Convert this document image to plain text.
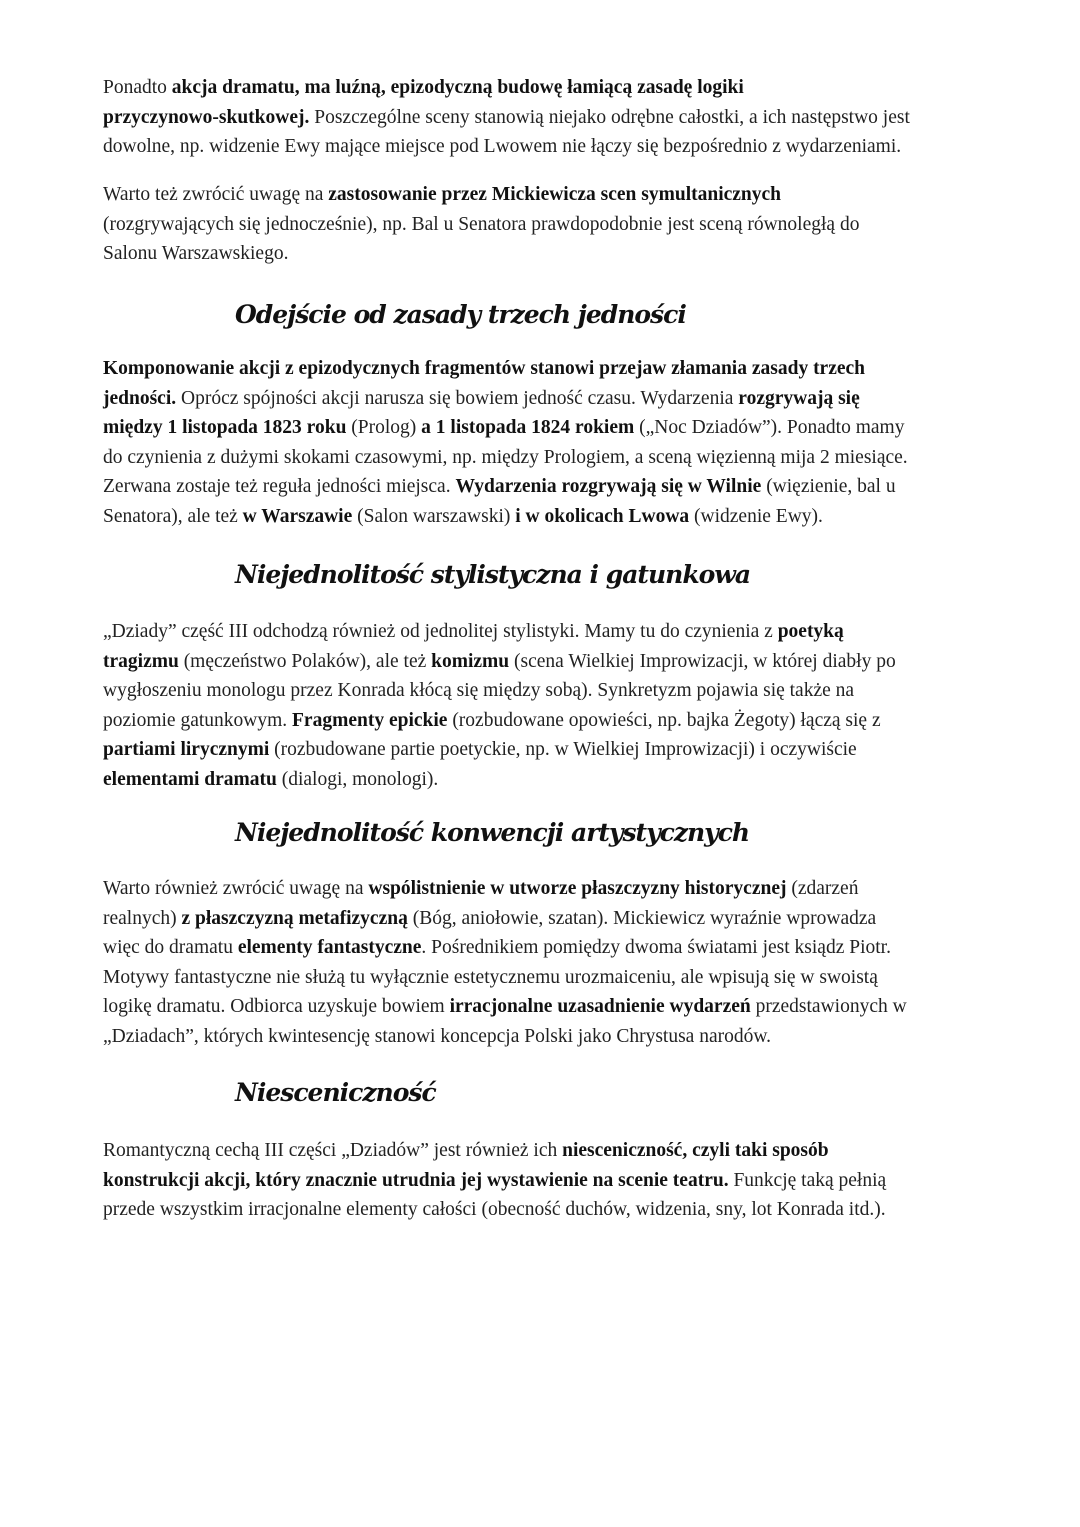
Ponadto akcja dramatu, ma luźną, epizodyczną budowę łamiącą zasadę logiki
przyczynowo-skutkowej. Poszczególne sceny stanowią niejako odrębne całostki, a ich następstwo jest
dowolne, np. widzenie Ewy mające miejsce pod Lwowem nie łączy się bezpośrednio z wydarzeniami.
Warto też zwrócić uwagę na zastosowanie przez Mickiewicza scen symultanicznych
(rozgrywających się jednocześnie), np. Bal u Senatora prawdopodobnie jest sceną równoległą do
Salonu Warszawskiego.
Odejście od zasady trzech jedności
Komponowanie akcji z epizodycznych fragmentów stanowi przejaw złamania zasady trzech
jedności. Oprócz spójności akcji narusza się bowiem jedność czasu. Wydarzenia rozgrywają się
między 1 listopada 1823 roku (Prolog) a 1 listopada 1824 rokiem („Noc Dziadów”). Ponadto mamy
do czynienia z dużymi skokami czasowymi, np. między Prologiem, a sceną więzienną mija 2 miesiące.
Zerwana zostaje też reguła jedności miejsca. Wydarzenia rozgrywają się w Wilnie (więzienie, bal u
Senatora), ale też w Warszawie (Salon warszawski) i w okolicach Lwowa (widzenie Ewy).
Niejednolitość stylistyczna i gatunkowa
„Dziady” część III odchodzą również od jednolitej stylistyki. Mamy tu do czynienia z poetyką
tragizmu (męczeństwo Polaków), ale też komizmu (scena Wielkiej Improwizacji, w której diabły po
wygłoszeniu monologu przez Konrada kłócą się między sobą). Synkretyzm pojawia się także na
poziomie gatunkowym. Fragmenty epickie (rozbudowane opowieści, np. bajka Żegoty) łączą się z
partiami lirycznymi (rozbudowane partie poetyckie, np. w Wielkiej Improwizacji) i oczywiście
elementami dramatu (dialogi, monologi).
Niejednolitość konwencji artystycznych
Warto również zwrócić uwagę na wspólistnienie w utworze płaszczyzny historycznej (zdarzeń
realnych) z płaszczyzną metafizyczną (Bóg, aniołowie, szatan). Mickiewicz wyraźnie wprowadza
więc do dramatu elementy fantastyczne. Pośrednikiem pomiędzy dwoma światami jest ksiądz Piotr.
Motywy fantastyczne nie służą tu wyłącznie estetycznemu urozmaiceniu, ale wpisują się w swoistą
logikę dramatu. Odbiorca uzyskuje bowiem irracjonalne uzasadnienie wydarzeń przedstawionych w
„Dziadach”, których kwintesencję stanowi koncepcja Polski jako Chrystusa narodów.
Niesceniczność
Romantyczną cechą III części „Dziadów” jest również ich niesceniczność, czyli taki sposób
konstrukcji akcji, który znacznie utrudnia jej wystawienie na scenie teatru. Funkcję taką pełnią
przede wszystkim irracjonalne elementy całości (obecność duchów, widzenia, sny, lot Konrada itd.).
